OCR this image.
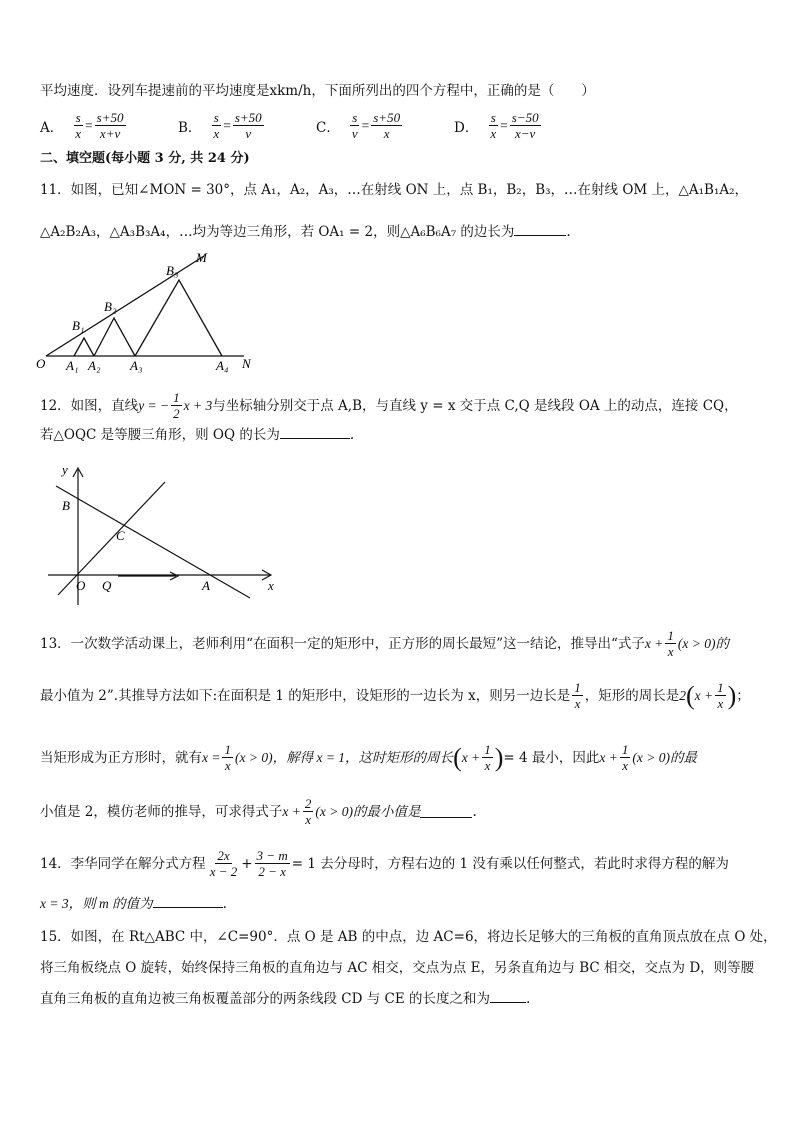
平均速度．设列车提速前的平均速度是xkm/h，下面所列出的四个方程中，正确的是（　　）
A． $\frac{s}{x} = \frac{s+50}{x+v}$	B． $\frac{s}{x} = \frac{s+50}{v}$	C． $\frac{s}{v} = \frac{s+50}{x}$	D． $\frac{s}{x} = \frac{s-50}{x-v}$
二、填空题(每小题 3 分, 共 24 分)
11．如图，已知∠MON = 30°，点 A₁，A₂，A₃，…在射线 ON 上，点 B₁，B₂，B₃，…在射线 OM 上，△A₁B₁A₂，
△A₂B₂A₃，△A₃B₃A₄，…均为等边三角形，若 OA₁ = 2，则△A₆B₆A₇ 的边长为	.
O
M
N
B₁
B₂
B₃
A₁ A₂ A₃	A₄
12．如图，直线 y = − $\frac{1}{2}$ x + 3 与坐标轴分别交于点 A,B，与直线 y = x 交于点 C,Q 是线段 OA 上的动点，连接 CQ，
若△OQC 是等腰三角形，则 OQ 的长为	.
y
x
B
C
O Q	A
13．一次数学活动课上，老师利用“在面积一定的矩形中，正方形的周长最短”这一结论，推导出“式子 $x + \frac{1}{x} (x > 0)$的
最小值为 2”.其推导方法如下:在面积是 1 的矩形中，设矩形的一边长为 x，则另一边长是 $\frac{1}{x}$ ，矩形的周长是 2 ( $x + \frac{1}{x}$ ) ；
当矩形成为正方形时，就有 $x = \frac{1}{x} (x > 0)$，解得 x = 1，这时矩形的周长 ( $x + \frac{1}{x}$ ) = 4 最小，因此 $x + \frac{1}{x} (x > 0)$的最
小值是 2，模仿老师的推导，可求得式子 $x + \frac{2}{x} (x > 0)$的最小值是	.
14．李华同学在解分式方程 $\frac{2x}{x - 2} + \frac{3 - m}{2 - x} = 1$ 去分母时，方程右边的 1 没有乘以任何整式，若此时求得方程的解为
x = 3，则 m 的值为	.
15．如图，在 Rt△ABC 中，∠C=90°．点 O 是 AB 的中点，边 AC=6，将边长足够大的三角板的直角顶点放在点 O 处，
将三角板绕点 O 旋转，始终保持三角板的直角边与 AC 相交，交点为点 E，另条直角边与 BC 相交，交点为 D，则等腰
直角三角板的直角边被三角板覆盖部分的两条线段 CD 与 CE 的长度之和为	.
